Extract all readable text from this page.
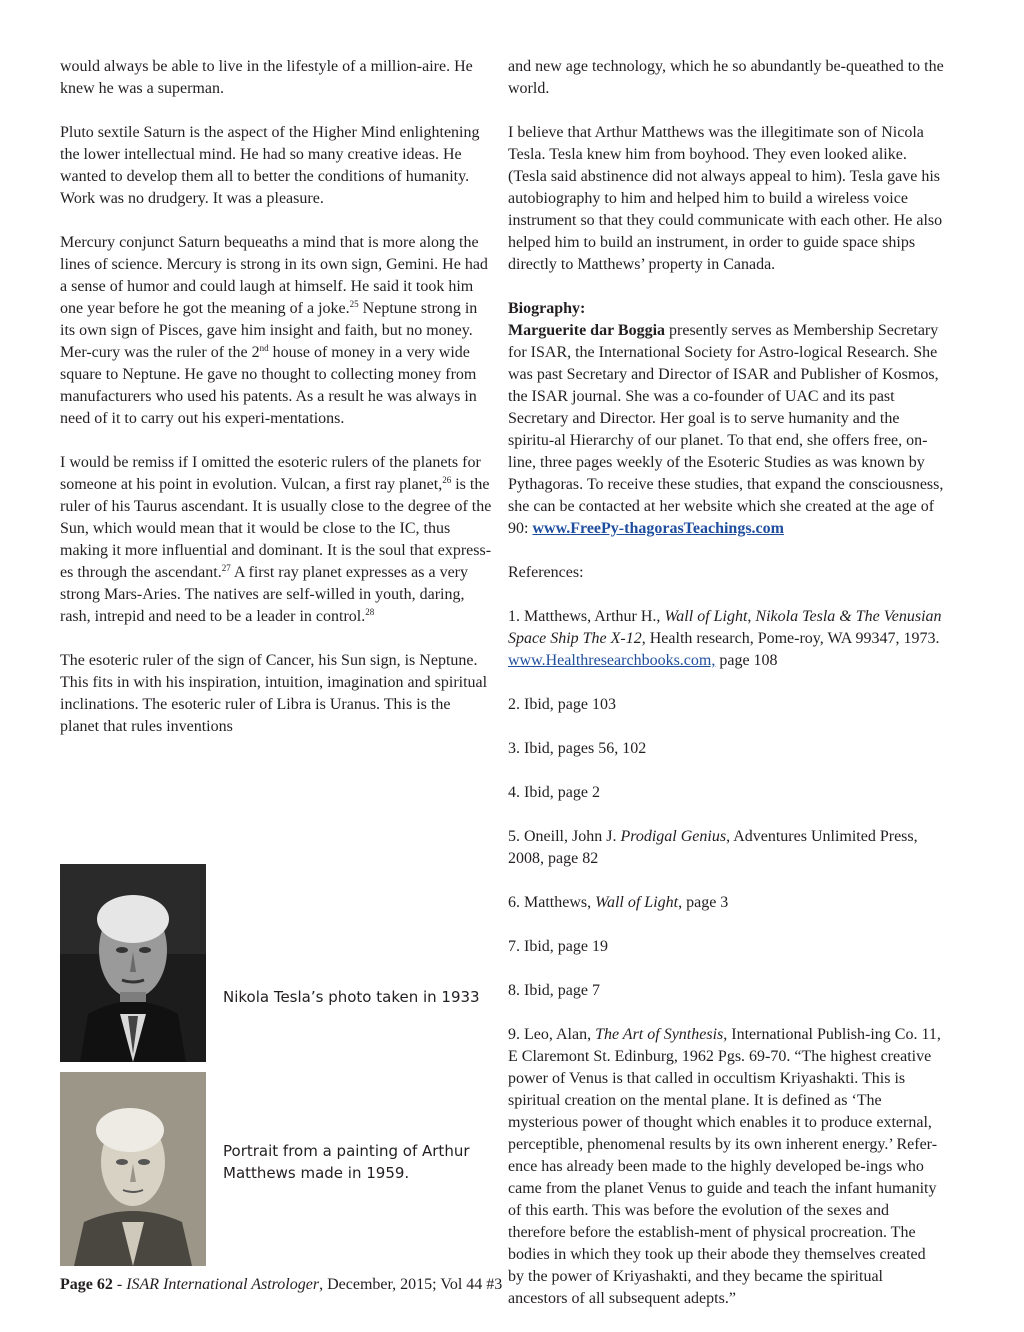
would always be able to live in the lifestyle of a million-aire. He knew he was a superman.

Pluto sextile Saturn is the aspect of the Higher Mind enlightening the lower intellectual mind. He had so many creative ideas. He wanted to develop them all to better the conditions of humanity. Work was no drudgery. It was a pleasure.

Mercury conjunct Saturn bequeaths a mind that is more along the lines of science. Mercury is strong in its own sign, Gemini. He had a sense of humor and could laugh at himself. He said it took him one year before he got the meaning of a joke.$^{25}$ Neptune strong in its own sign of Pisces, gave him insight and faith, but no money. Mer-cury was the ruler of the 2nd house of money in a very wide square to Neptune. He gave no thought to collecting money from manufacturers who used his patents. As a result he was always in need of it to carry out his experi-mentations.

I would be remiss if I omitted the esoteric rulers of the planets for someone at his point in evolution. Vulcan, a first ray planet,$^{26}$ is the ruler of his Taurus ascendant. It is usually close to the degree of the Sun, which would mean that it would be close to the IC, thus making it more influential and dominant. It is the soul that express-es through the ascendant.$^{27}$ A first ray planet expresses as a very strong Mars-Aries. The natives are self-willed in youth, daring, rash, intrepid and need to be a leader in control.$^{28}$

The esoteric ruler of the sign of Cancer, his Sun sign, is Neptune. This fits in with his inspiration, intuition, imagination and spiritual inclinations. The esoteric ruler of Libra is Uranus. This is the planet that rules inventions

Nikola Tesla’s photo taken in 1933
Portrait from a painting of Arthur Matthews made in 1959.

and new age technology, which he so abundantly be-queathed to the world.

I believe that Arthur Matthews was the illegitimate son of Nicola Tesla. Tesla knew him from boyhood. They even looked alike. (Tesla said abstinence did not always appeal to him). Tesla gave his autobiography to him and helped him to build a wireless voice instrument so that they could communicate with each other. He also helped him to build an instrument, in order to guide space ships directly to Matthews’ property in Canada.

Biography:
Marguerite dar Boggia presently serves as Membership Secretary for ISAR, the International Society for Astro-logical Research. She was past Secretary and Director of ISAR and Publisher of Kosmos, the ISAR journal. She was a co-founder of UAC and its past Secretary and Director. Her goal is to serve humanity and the spiritu-al Hierarchy of our planet. To that end, she offers free, on-line, three pages weekly of the Esoteric Studies as was known by Pythagoras. To receive these studies, that expand the consciousness, she can be contacted at her website which she created at the age of 90: www.FreePy-thagorasTeachings.com

References:

1. Matthews, Arthur H., Wall of Light, Nikola Tesla & The Venusian Space Ship The X-12, Health research, Pome-roy, WA 99347, 1973. www.Healthresearchbooks.com, page 108

2. Ibid, page 103

3. Ibid, pages 56, 102

4. Ibid, page 2

5. Oneill, John J. Prodigal Genius, Adventures Unlimited Press, 2008, page 82

6. Matthews, Wall of Light, page 3

7. Ibid, page 19

8. Ibid, page 7

9. Leo, Alan, The Art of Synthesis, International Publish-ing Co. 11, E Claremont St. Edinburg, 1962 Pgs. 69-70. “The highest creative power of Venus is that called in occultism Kriyashakti. This is spiritual creation on the mental plane. It is defined as ‘The mysterious power of thought which enables it to produce external, perceptible, phenomenal results by its own inherent energy.’ Refer-ence has already been made to the highly developed be-ings who came from the planet Venus to guide and teach the infant humanity of this earth. This was before the evolution of the sexes and therefore before the establish-ment of physical procreation. The bodies in which they took up their abode they themselves created by the power of Kriyashakti, and they became the spiritual ancestors of all subsequent adepts.”

Page 62 - ISAR International Astrologer, December, 2015; Vol 44 #3
